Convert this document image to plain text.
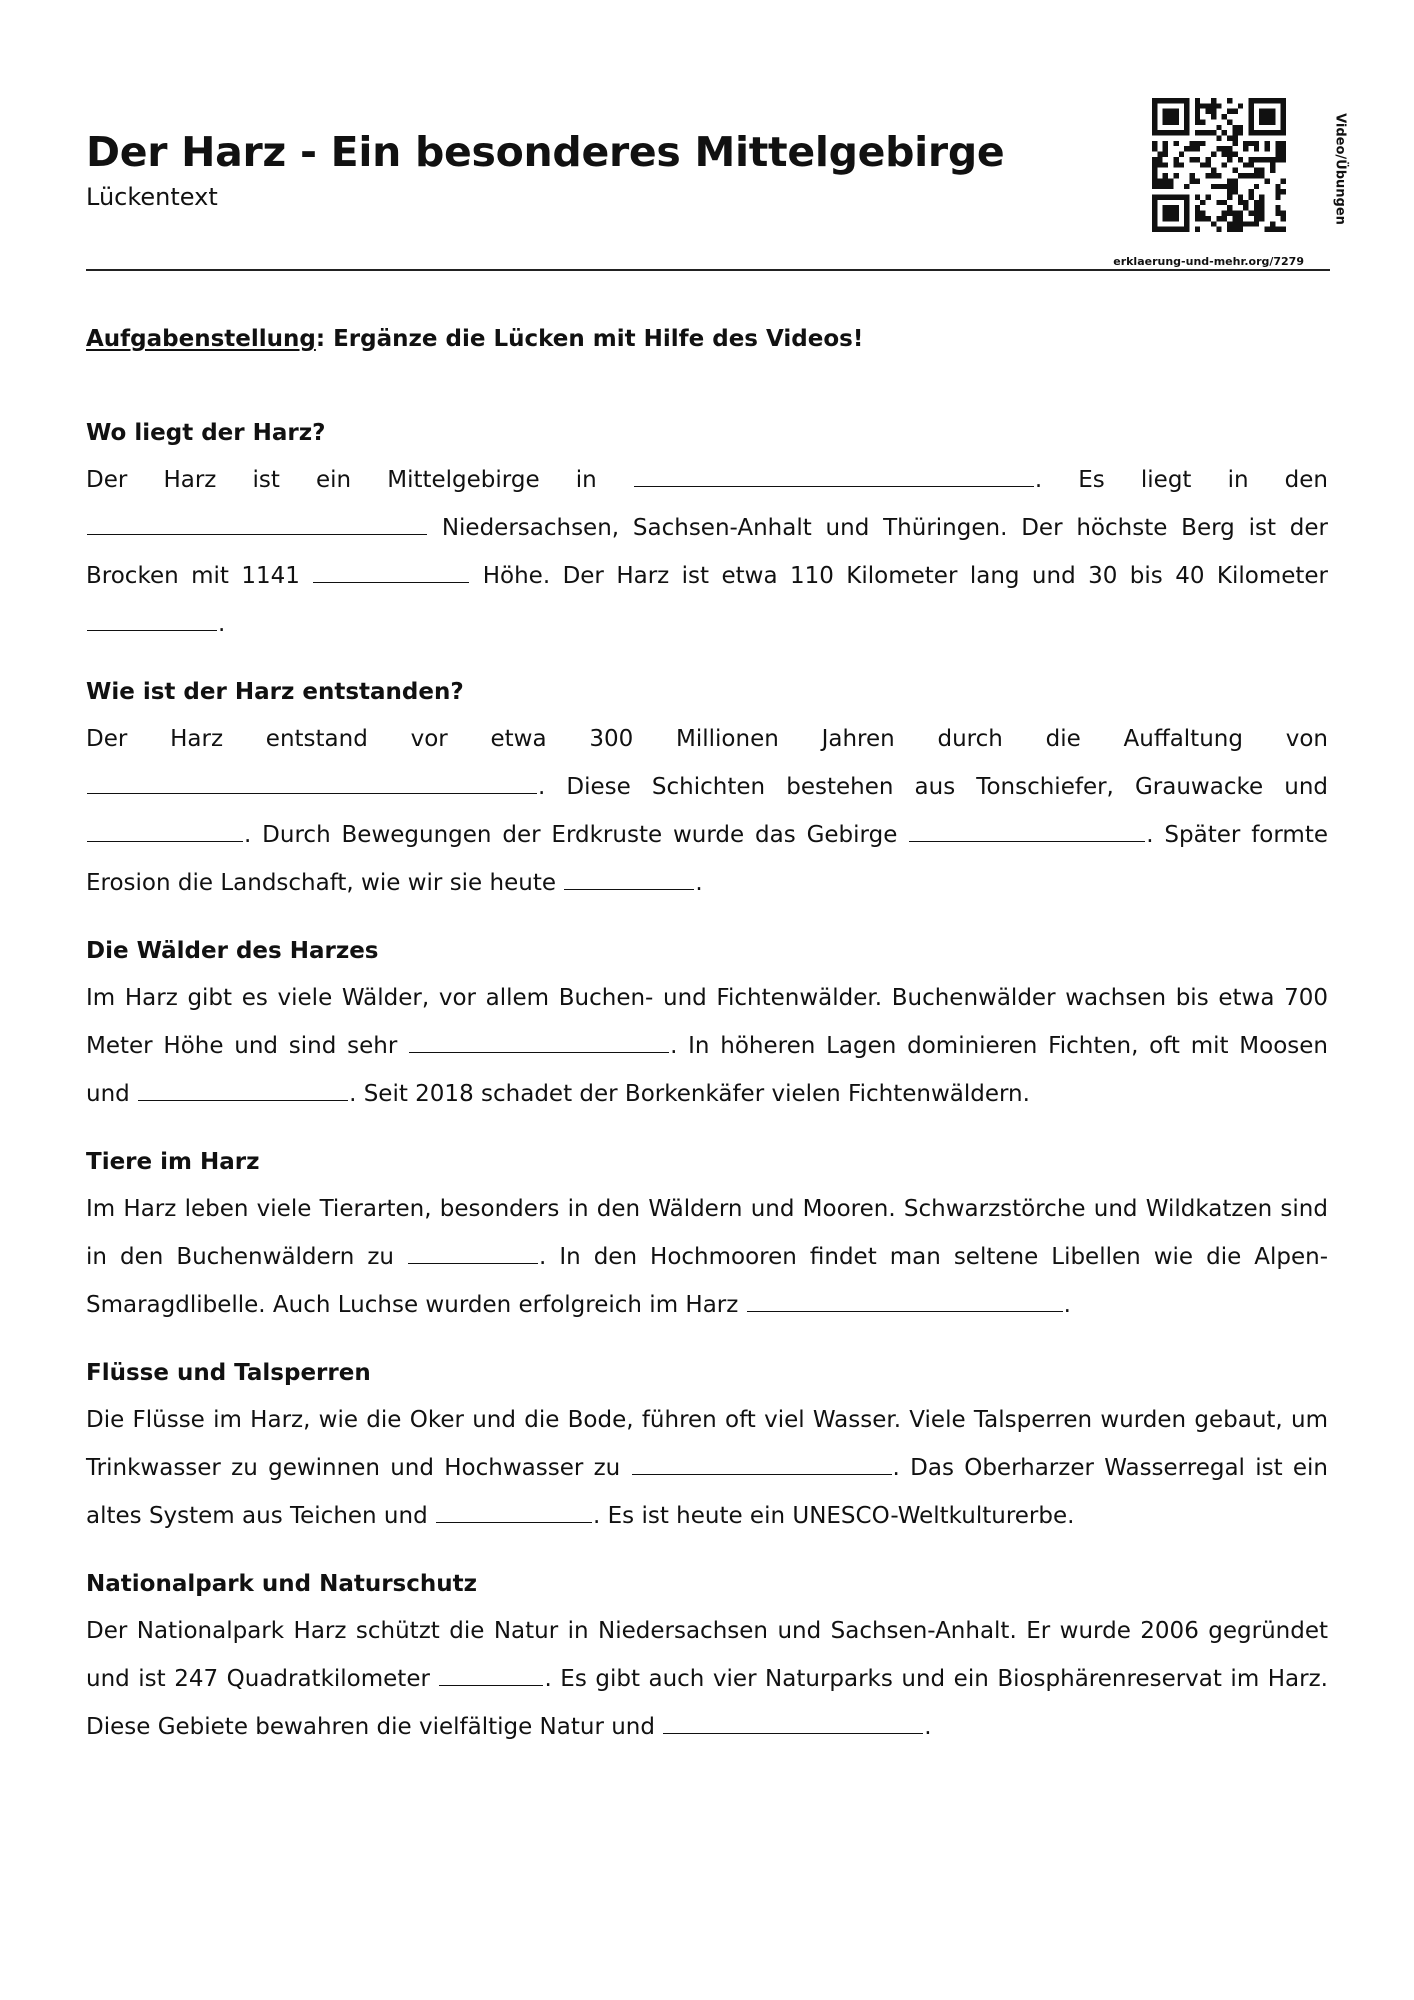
Der Harz - Ein besonderes Mittelgebirge
Lückentext	Video/Übungen
erklaerung-und-mehr.org/7279
Aufgabenstellung: Ergänze die Lücken mit Hilfe des Videos!
Wo liegt der Harz?

Der Harz ist ein Mittelgebirge in	. Es liegt in den  Niedersachsen, Sachsen-Anhalt und Thüringen. Der höchste Berg ist der Brocken mit 1141	Höhe. Der Harz ist etwa 110 Kilometer lang und 30 bis 40 Kilometer .

Wie ist der Harz entstanden?

Der Harz entstand vor etwa 300 Millionen Jahren durch die Auffaltung von . Diese Schichten bestehen aus Tonschiefer, Grauwacke und . Durch Bewegungen der Erdkruste wurde das Gebirge	. Später formte Erosion die Landschaft, wie wir sie heute	.

Die Wälder des Harzes

Im Harz gibt es viele Wälder, vor allem Buchen- und Fichtenwälder. Buchenwälder wachsen bis etwa 700 Meter Höhe und sind sehr	. In höheren Lagen dominieren Fichten, oft mit Moosen und	. Seit 2018 schadet der Borkenkäfer vielen Fichtenwäldern.

Tiere im Harz

Im Harz leben viele Tierarten, besonders in den Wäldern und Mooren. Schwarzstörche und Wildkatzen sind in den Buchenwäldern zu	. In den Hochmooren findet man seltene Libellen wie die Alpen-Smaragdlibelle. Auch Luchse wurden erfolgreich im Harz	.

Flüsse und Talsperren

Die Flüsse im Harz, wie die Oker und die Bode, führen oft viel Wasser. Viele Talsperren wurden gebaut, um Trinkwasser zu gewinnen und Hochwasser zu	. Das Oberharzer Wasserregal ist ein altes System aus Teichen und	. Es ist heute ein UNESCO-Weltkulturerbe.

Nationalpark und Naturschutz

Der Nationalpark Harz schützt die Natur in Niedersachsen und Sachsen-Anhalt. Er wurde 2006 gegründet und ist 247 Quadratkilometer	. Es gibt auch vier Naturparks und ein Biosphärenreservat im Harz. Diese Gebiete bewahren die vielfältige Natur und	.
